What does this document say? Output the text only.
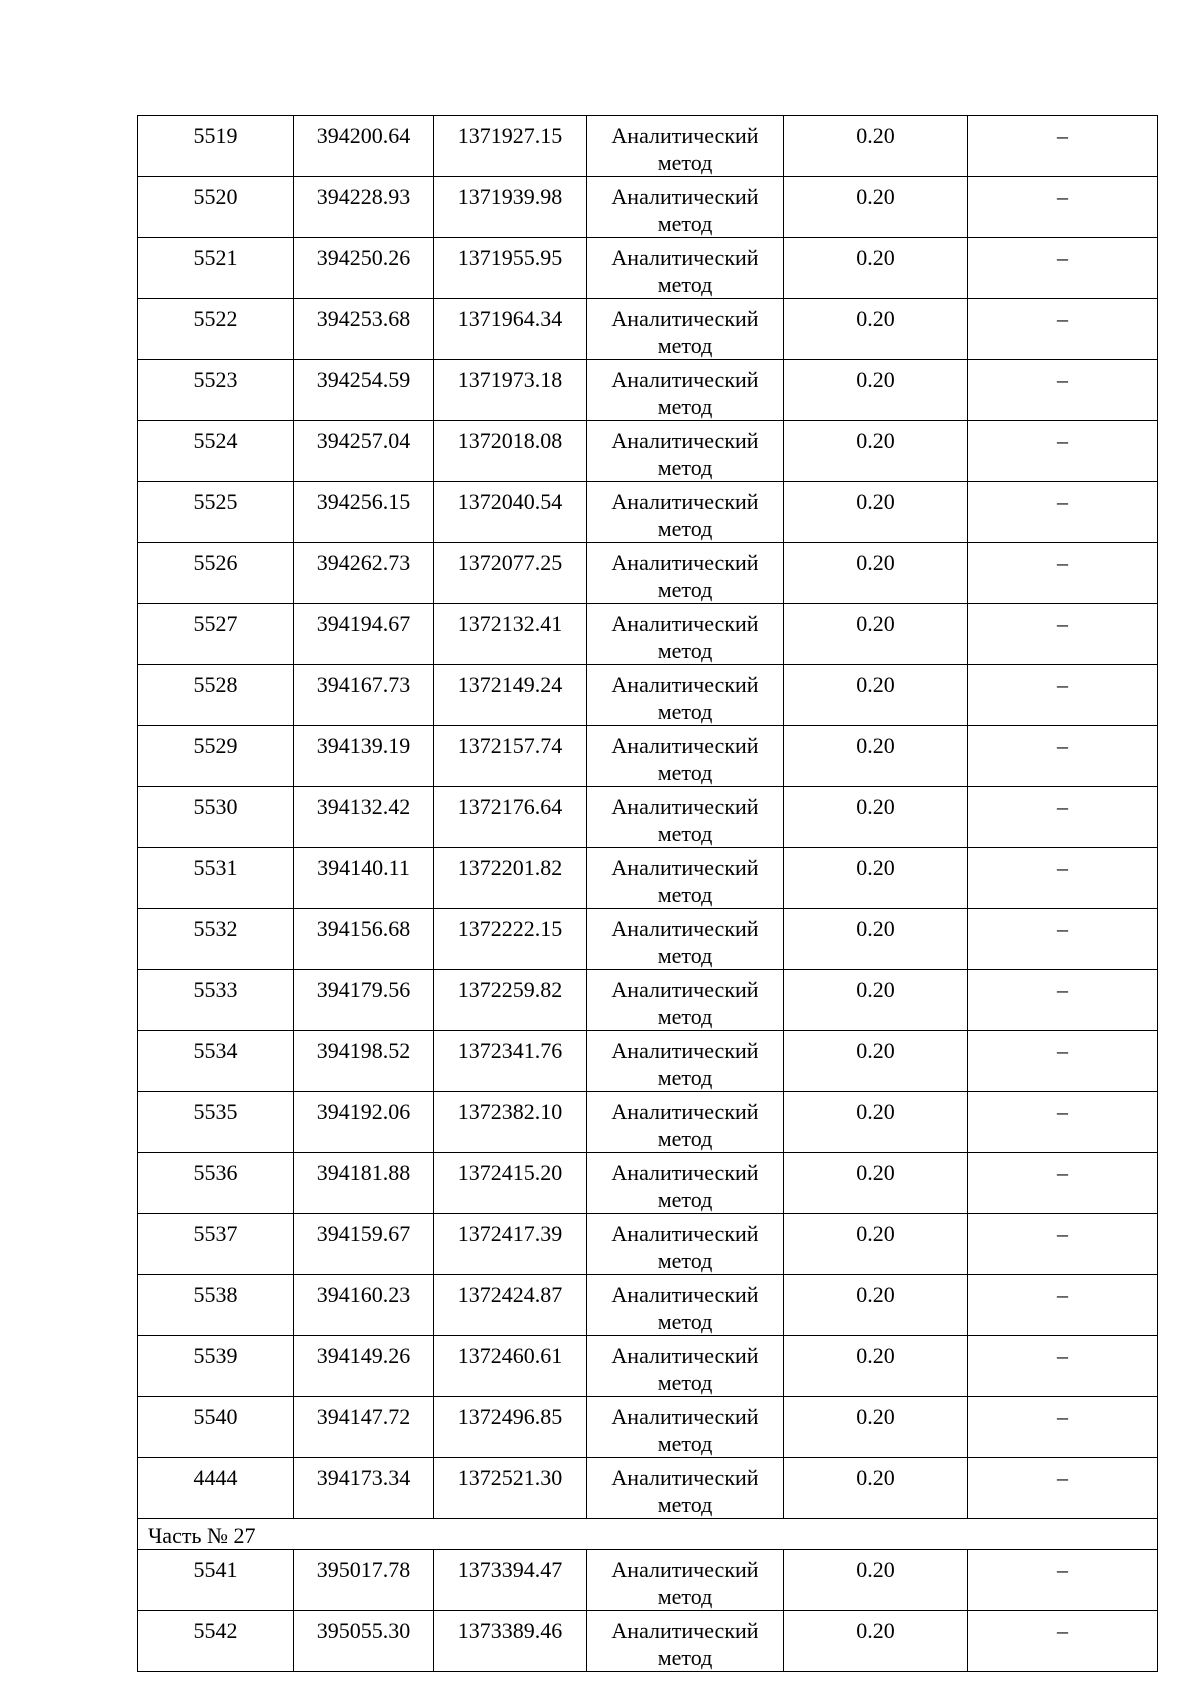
5519	394200.64	1371927.15	Аналитический метод	0.20	–
5520	394228.93	1371939.98	Аналитический метод	0.20	–
5521	394250.26	1371955.95	Аналитический метод	0.20	–
5522	394253.68	1371964.34	Аналитический метод	0.20	–
5523	394254.59	1371973.18	Аналитический метод	0.20	–
5524	394257.04	1372018.08	Аналитический метод	0.20	–
5525	394256.15	1372040.54	Аналитический метод	0.20	–
5526	394262.73	1372077.25	Аналитический метод	0.20	–
5527	394194.67	1372132.41	Аналитический метод	0.20	–
5528	394167.73	1372149.24	Аналитический метод	0.20	–
5529	394139.19	1372157.74	Аналитический метод	0.20	–
5530	394132.42	1372176.64	Аналитический метод	0.20	–
5531	394140.11	1372201.82	Аналитический метод	0.20	–
5532	394156.68	1372222.15	Аналитический метод	0.20	–
5533	394179.56	1372259.82	Аналитический метод	0.20	–
5534	394198.52	1372341.76	Аналитический метод	0.20	–
5535	394192.06	1372382.10	Аналитический метод	0.20	–
5536	394181.88	1372415.20	Аналитический метод	0.20	–
5537	394159.67	1372417.39	Аналитический метод	0.20	–
5538	394160.23	1372424.87	Аналитический метод	0.20	–
5539	394149.26	1372460.61	Аналитический метод	0.20	–
5540	394147.72	1372496.85	Аналитический метод	0.20	–
4444	394173.34	1372521.30	Аналитический метод	0.20	–
Часть № 27					
5541	395017.78	1373394.47	Аналитический метод	0.20	–
5542	395055.30	1373389.46	Аналитический метод	0.20	–
